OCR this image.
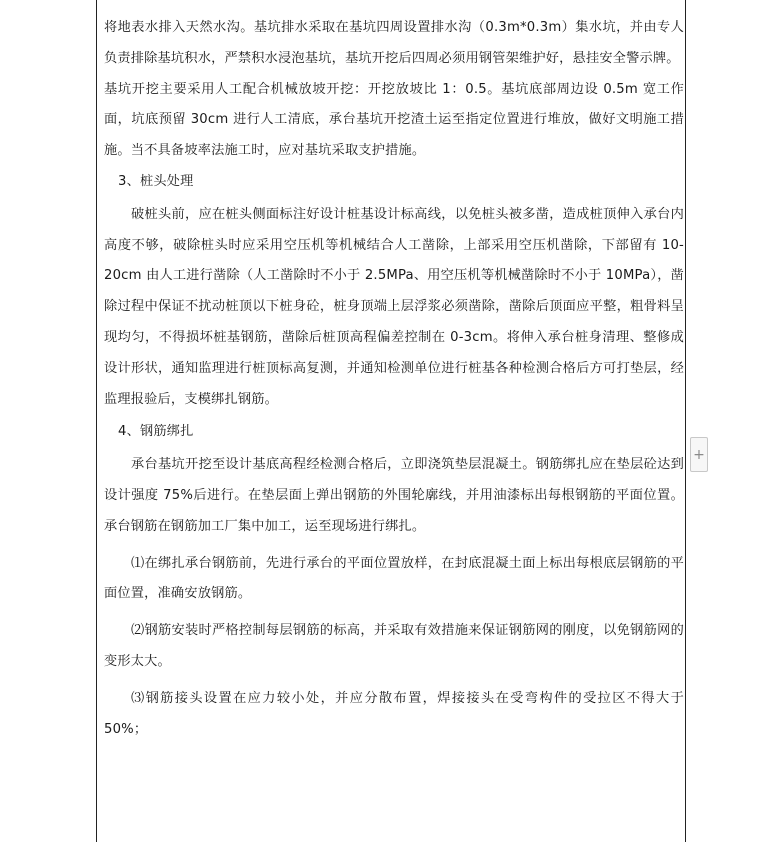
将地表水排入天然水沟。基坑排水采取在基坑四周设置排水沟（0.3m*0.3m）集水坑，并由专人负责排除基坑积水，严禁积水浸泡基坑，基坑开挖后四周必须用钢管架维护好，悬挂安全警示牌。

基坑开挖主要采用人工配合机械放坡开挖：开挖放坡比 1：0.5。基坑底部周边设 0.5m 宽工作面，坑底预留 30cm 进行人工清底，承台基坑开挖渣土运至指定位置进行堆放，做好文明施工措施。当不具备坡率法施工时，应对基坑采取支护措施。

3、桩头处理

破桩头前，应在桩头侧面标注好设计桩基设计标高线，以免桩头被多凿，造成桩顶伸入承台内高度不够，破除桩头时应采用空压机等机械结合人工凿除，上部采用空压机凿除，下部留有 10-20cm 由人工进行凿除（人工凿除时不小于 2.5MPa、用空压机等机械凿除时不小于 10MPa），凿除过程中保证不扰动桩顶以下桩身砼，桩身顶端上层浮浆必须凿除，凿除后顶面应平整，粗骨料呈现均匀，不得损坏桩基钢筋，凿除后桩顶高程偏差控制在 0-3cm。将伸入承台桩身清理、整修成设计形状，通知监理进行桩顶标高复测，并通知检测单位进行桩基各种检测合格后方可打垫层，经监理报验后，支模绑扎钢筋。

4、钢筋绑扎

承台基坑开挖至设计基底高程经检测合格后，立即浇筑垫层混凝土。钢筋绑扎应在垫层砼达到设计强度 75%后进行。在垫层面上弹出钢筋的外围轮廓线，并用油漆标出每根钢筋的平面位置。承台钢筋在钢筋加工厂集中加工，运至现场进行绑扎。

⑴在绑扎承台钢筋前，先进行承台的平面位置放样，在封底混凝土面上标出每根底层钢筋的平面位置，准确安放钢筋。

⑵钢筋安装时严格控制每层钢筋的标高，并采取有效措施来保证钢筋网的刚度，以免钢筋网的变形太大。

⑶钢筋接头设置在应力较小处，并应分散布置，焊接接头在受弯构件的受拉区不得大于 50%；

+
